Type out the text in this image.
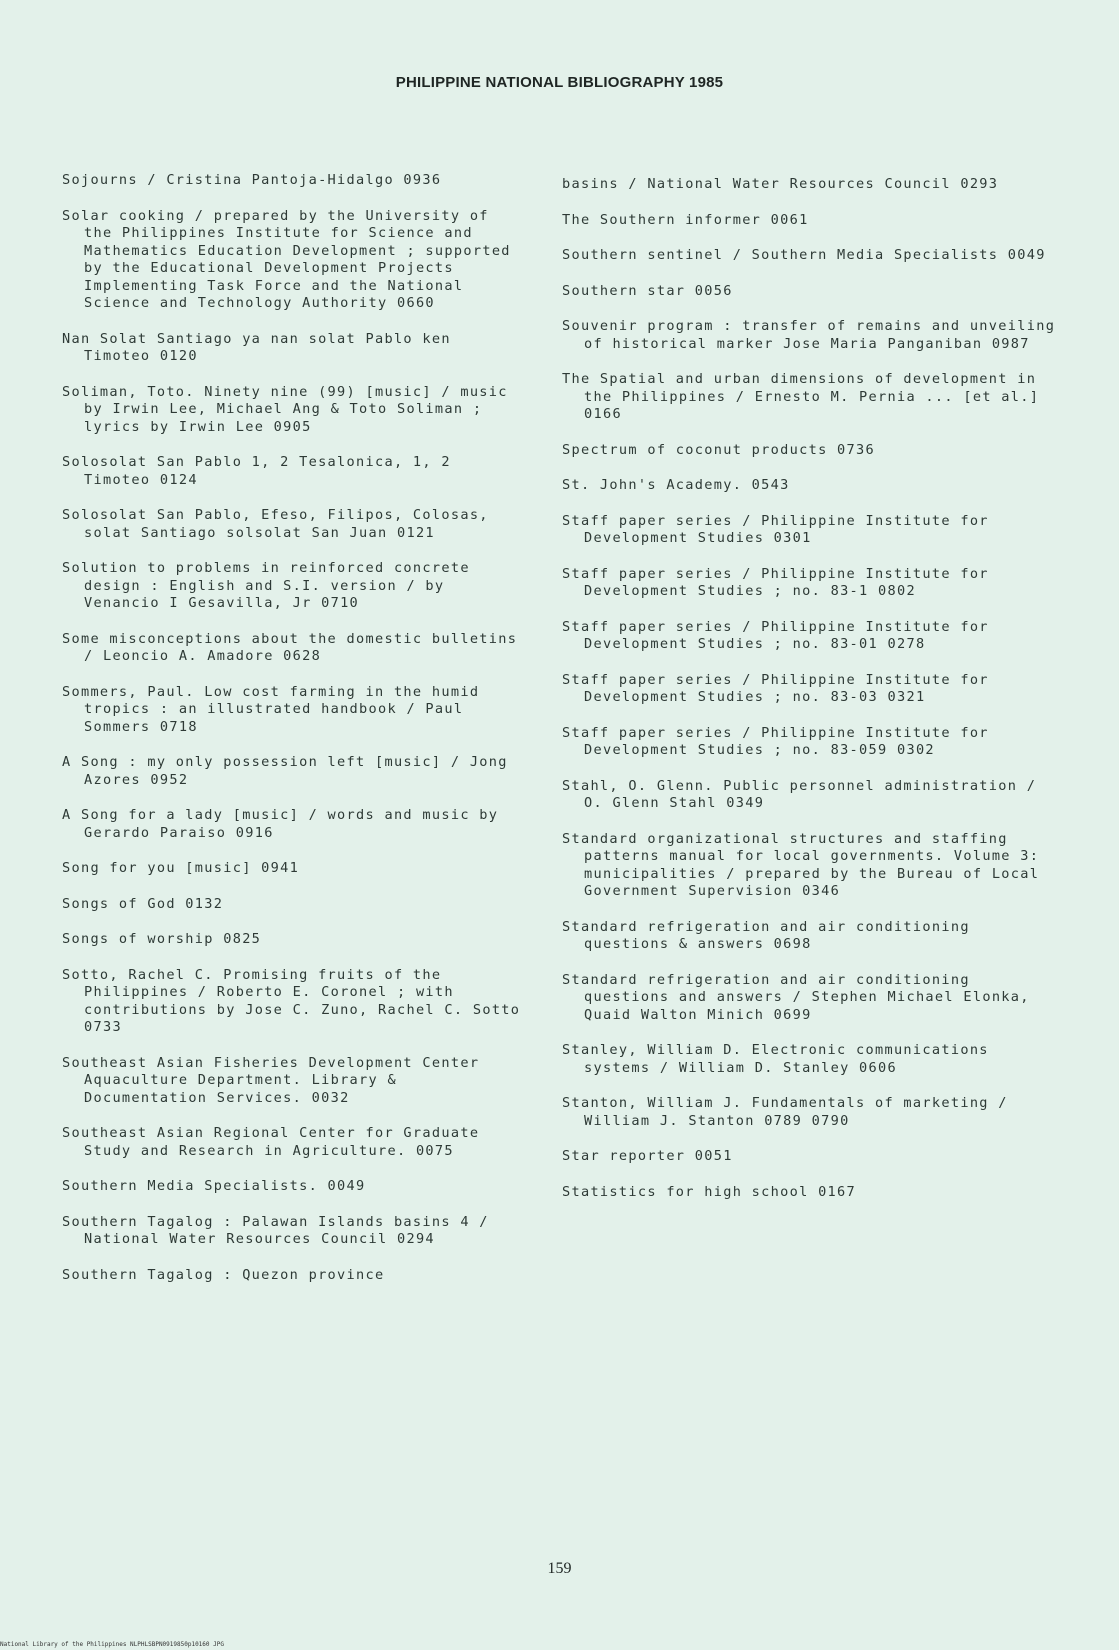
PHILIPPINE NATIONAL BIBLIOGRAPHY 1985
Sojourns / Cristina Pantoja-Hidalgo 0936
Solar cooking / prepared by the University of the Philippines Institute for Science and Mathematics Education Development ; supported by the Educational Development Projects Implementing Task Force and the National Science and Technology Authority 0660
Nan Solat Santiago ya nan solat Pablo ken Timoteo 0120
Soliman, Toto. Ninety nine (99) [music] / music by Irwin Lee, Michael Ang & Toto Soliman ; lyrics by Irwin Lee 0905
Solosolat San Pablo 1, 2 Tesalonica, 1, 2 Timoteo 0124
Solosolat San Pablo, Efeso, Filipos, Colosas, solat Santiago solsolat San Juan 0121
Solution to problems in reinforced concrete design : English and S.I. version / by Venancio I Gesavilla, Jr 0710
Some misconceptions about the domestic bulletins / Leoncio A. Amadore 0628
Sommers, Paul. Low cost farming in the humid tropics : an illustrated handbook / Paul Sommers 0718
A Song : my only possession left [music] / Jong Azores 0952
A Song for a lady [music] / words and music by Gerardo Paraiso 0916
Song for you [music] 0941
Songs of God 0132
Songs of worship 0825
Sotto, Rachel C. Promising fruits of the Philippines / Roberto E. Coronel ; with contributions by Jose C. Zuno, Rachel C. Sotto 0733
Southeast Asian Fisheries Development Center Aquaculture Department. Library & Documentation Services. 0032
Southeast Asian Regional Center for Graduate Study and Research in Agriculture. 0075
Southern Media Specialists. 0049
Southern Tagalog : Palawan Islands basins 4 / National Water Resources Council 0294
Southern Tagalog : Quezon province
basins / National Water Resources Council 0293
The Southern informer 0061
Southern sentinel / Southern Media Specialists 0049
Southern star 0056
Souvenir program : transfer of remains and unveiling of historical marker Jose Maria Panganiban 0987
The Spatial and urban dimensions of development in the Philippines / Ernesto M. Pernia ... [et al.] 0166
Spectrum of coconut products 0736
St. John's Academy. 0543
Staff paper series / Philippine Institute for Development Studies 0301
Staff paper series / Philippine Institute for Development Studies ; no. 83-1 0802
Staff paper series / Philippine Institute for Development Studies ; no. 83-01 0278
Staff paper series / Philippine Institute for Development Studies ; no. 83-03 0321
Staff paper series / Philippine Institute for Development Studies ; no. 83-059 0302
Stahl, O. Glenn. Public personnel administration / O. Glenn Stahl 0349
Standard organizational structures and staffing patterns manual for local governments. Volume 3: municipalities / prepared by the Bureau of Local Government Supervision 0346
Standard refrigeration and air conditioning questions & answers 0698
Standard refrigeration and air conditioning questions and answers / Stephen Michael Elonka, Quaid Walton Minich 0699
Stanley, William D. Electronic communications systems / William D. Stanley 0606
Stanton, William J. Fundamentals of marketing / William J. Stanton 0789 0790
Star reporter 0051
Statistics for high school 0167
159
National Library of the Philippines NLPHLSBPN0919850p10160 JPG
